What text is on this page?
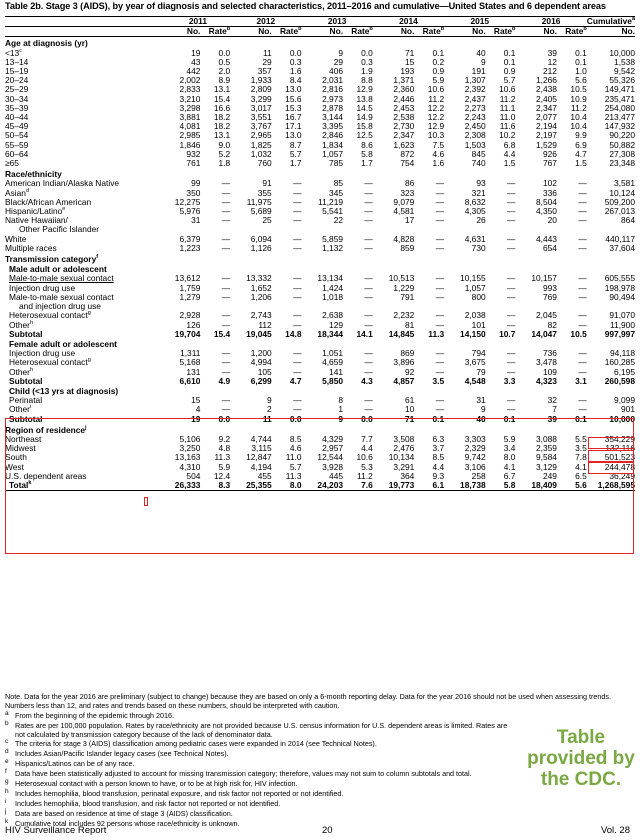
Table 2b. Stage 3 (AIDS), by year of diagnosis and selected characteristics, 2011–2016 and cumulative—United States and 6 dependent areas
	2011		2012		2013		2014		2015		2016		Cumulative$^a$
	No.	Rate$^b$	No.	Rate$^b$	No.	Rate$^b$	No.	Rate$^b$	No.	Rate$^b$	No.	Rate$^b$	No.
Age at diagnosis (yr)													
$<13^c$	19	0.0	11	0.0	9	0.0	71	0.1	40	0.1	39	0.1	10,000
13–14	43	0.5	29	0.3	29	0.3	15	0.2	9	0.1	12	0.1	1,538
15–19	442	2.0	357	1.6	406	1.9	193	0.9	191	0.9	212	1.0	9,542
20–24	2,002	8.9	1,933	8.4	2,031	8.8	1,371	5.9	1,307	5.7	1,266	5.6	55,326
25–29	2,833	13.1	2,809	13.0	2,816	12.9	2,360	10.6	2,392	10.6	2,438	10.5	149,471
30–34	3,210	15.4	3,299	15.6	2,973	13.8	2,446	11.2	2,437	11.2	2,405	10.9	235,471
35–39	3,298	16.6	3,017	15.3	2,878	14.5	2,453	12.2	2,273	11.1	2,347	11.2	254,080
40–44	3,881	18.2	3,551	16.7	3,144	14.9	2,538	12.2	2,243	11.0	2,077	10.4	213,477
45–49	4,081	18.2	3,767	17.1	3,395	15.8	2,730	12.9	2,450	11.6	2,194	10.4	147,932
50–54	2,985	13.1	2,965	13.0	2,846	12.5	2,347	10.3	2,308	10.2	2,197	9.9	90,220
55–59	1,846	9.0	1,825	8.7	1,834	8.6	1,623	7.5	1,503	6.8	1,529	6.9	50,882
60–64	932	5.2	1,032	5.7	1,057	5.8	872	4.6	845	4.4	926	4.7	27,308
≥65	761	1.8	760	1.7	785	1.7	754	1.6	740	1.5	767	1.5	23,348
Race/ethnicity													
American Indian/Alaska Native	99	—	91	—	85	—	86	—	93	—	102	—	3,581
Asian$^d$	350	—	355	—	345	—	323	—	321	—	336	—	10,124
Black/African American	12,275	—	11,975	—	11,219	—	9,079	—	8,632	—	8,504	—	509,200
Hispanic/Latino$^e$	5,976	—	5,689	—	5,541	—	4,581	—	4,305	—	4,350	—	267,013
Native Hawaiian/	31	—	25	—	22	—	17	—	26	—	20	—	864
Other Pacific Islander													
White	6,379	—	6,094	—	5,859	—	4,828	—	4,631	—	4,443	—	440,117
Multiple races	1,223	—	1,126	—	1,132	—	859	—	730	—	654	—	37,604
Transmission category$^f$
Male adult or adolescent													
Male-to-male sexual contact	13,612	—	13,332	—	13,134	—	10,513	—	10,155	—	10,157	—	605,555
Injection drug use	1,759	—	1,652	—	1,424	—	1,229	—	1,057	—	993	—	198,978
Male-to-male sexual contact	1,279	—	1,206	—	1,018	—	791	—	800	—	769	—	90,494
and injection drug use													
Heterosexual contact$^g$	2,928	—	2,743	—	2,638	—	2,232	—	2,038	—	2,045	—	91,070
Other$^h$	126	—	112	—	129	—	81	—	101	—	82	—	11,900
Subtotal	19,704	15.4	19,045	14.8	18,344	14.1	14,845	11.3	14,150	10.7	14,047	10.5	997,997
Female adult or adolescent													
Injection drug use	1,311	—	1,200	—	1,051	—	869	—	794	—	736	—	94,118
Heterosexual contact$^g$	5,168	—	4,994	—	4,659	—	3,896	—	3,675	—	3,478	—	160,285
Other$^h$	131	—	105	—	141	—	92	—	79	—	109	—	6,195
Subtotal	6,610	4.9	6,299	4.7	5,850	4.3	4,857	3.5	4,548	3.3	4,323	3.1	260,598
Child (<13 yrs at diagnosis)													
Perinatal	15	—	9	—	8	—	61	—	31	—	32	—	9,099
Other$^i$	4	—	2	—	1	—	10	—	9	—	7	—	901
Subtotal	19	0.0	11	0.0	9	0.0	71	0.1	40	0.1	39	0.1	10,000
Region of residence$^j$
Northeast	5,106	9.2	4,744	8.5	4,329	7.7	3,508	6.3	3,303	5.9	3,088	5.5	354,229
Midwest	3,250	4.8	3,115	4.6	2,957	4.4	2,476	3.7	2,329	3.4	2,359	3.5	132,116
South	13,163	11.3	12,847	11.0	12,544	10.6	10,134	8.5	9,742	8.0	9,584	7.8	501,523
West	4,310	5.9	4,194	5.7	3,928	5.3	3,291	4.4	3,106	4.1	3,129	4.1	244,478
U.S. dependent areas	504	12.4	455	11.3	445	11.2	364	9.3	258	6.7	249	6.5	36,249
Total$^k$	26,333	8.3	25,355	8.0	24,203	7.6	19,773	6.1	18,738	5.8	18,409	5.6	1,268,595
Note. Data for the year 2016 are preliminary (subject to change) because they are based on only a 6-month reporting delay. Data for the year 2016 should not be used when assessing trends. Numbers less than 12, and rates and trends based on these numbers, should be interpreted with caution.
a From the beginning of the epidemic through 2016.
b Rates are per 100,000 population. Rates by race/ethnicity are not provided because U.S. census information for U.S. dependent areas is limited. Rates are not calculated by transmission category because of the lack of denominator data.
c The criteria for stage 3 (AIDS) classification among pediatric cases were expanded in 2014 (see Technical Notes).
d Includes Asian/Pacific Islander legacy cases (see Technical Notes).
e Hispanics/Latinos can be of any race.
f	Data have been statistically adjusted to account for missing transmission category; therefore, values may not sum to column subtotals and total.
g Heterosexual contact with a person known to have, or to be at high risk for, HIV infection.
h Includes hemophilia, blood transfusion, perinatal exposure, and risk factor not reported or not identified.
i	Includes hemophilia, blood transfusion, and risk factor not reported or not identified.
j	Data are based on residence at time of stage 3 (AIDS) classification.
k Cumulative total includes 92 persons whose race/ethnicity is unknown.
Table provided by the CDC.
HIV Surveillance Report	20	Vol. 28
